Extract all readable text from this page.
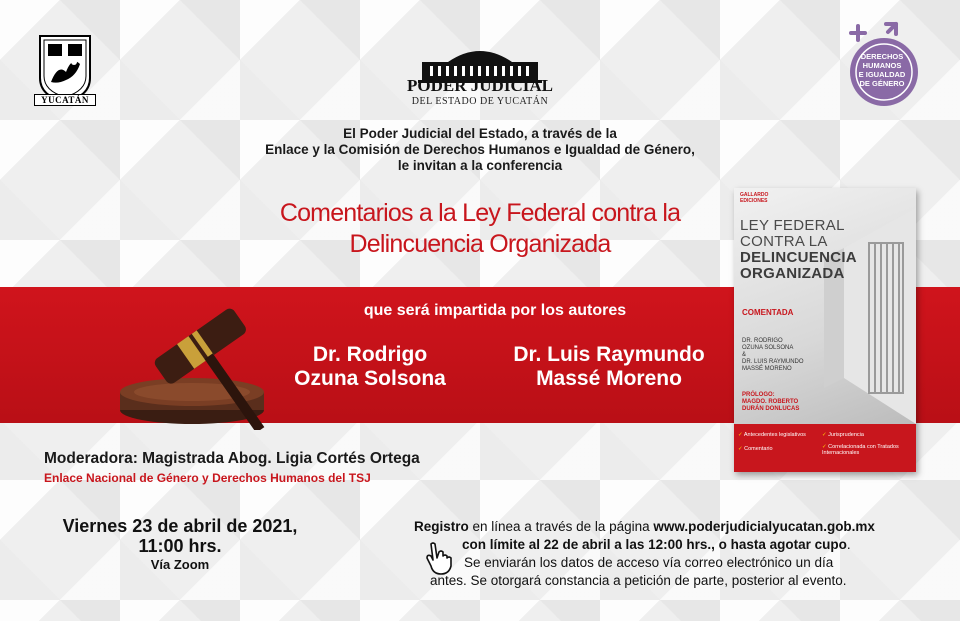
YUCATÁN
PODER JUDICIAL
DEL ESTADO DE YUCATÁN
DERECHOS
HUMANOS
E IGUALDAD
DE GÉNERO
El Poder Judicial del Estado, a través de la
Enlace y la Comisión de Derechos Humanos e Igualdad de Género,
le invitan a la conferencia
Comentarios a la Ley Federal contra la
Delincuencia Organizada
que será impartida por los autores
Dr. Rodrigo
Ozuna Solsona
Dr. Luis Raymundo
Massé Moreno
GALLARDO
EDICIONES
LEY FEDERAL
CONTRA LA
DELINCUENCIA
ORGANIZADA
COMENTADA
DR. RODRIGO
OZUNA SOLSONA
&
DR. LUIS RAYMUNDO
MASSÉ MORENO
PRÓLOGO:
MAGDO. ROBERTO
DURÁN DONLUCAS
✓ Antecedentes legislativos	✓ Jurisprudencia
✓ Comentario	✓ Correlacionada con Tratados Internacionales
Moderadora: Magistrada Abog. Ligia Cortés Ortega
Enlace Nacional de Género y Derechos Humanos del TSJ
Viernes 23 de abril de 2021,
11:00 hrs.
Vía Zoom
Registro en línea a través de la página www.poderjudicialyucatan.gob.mx
con límite al 22 de abril a las 12:00 hrs., o hasta agotar cupo.
Se enviarán los datos de acceso vía correo electrónico un día
antes. Se otorgará constancia a petición de parte, posterior al evento.
